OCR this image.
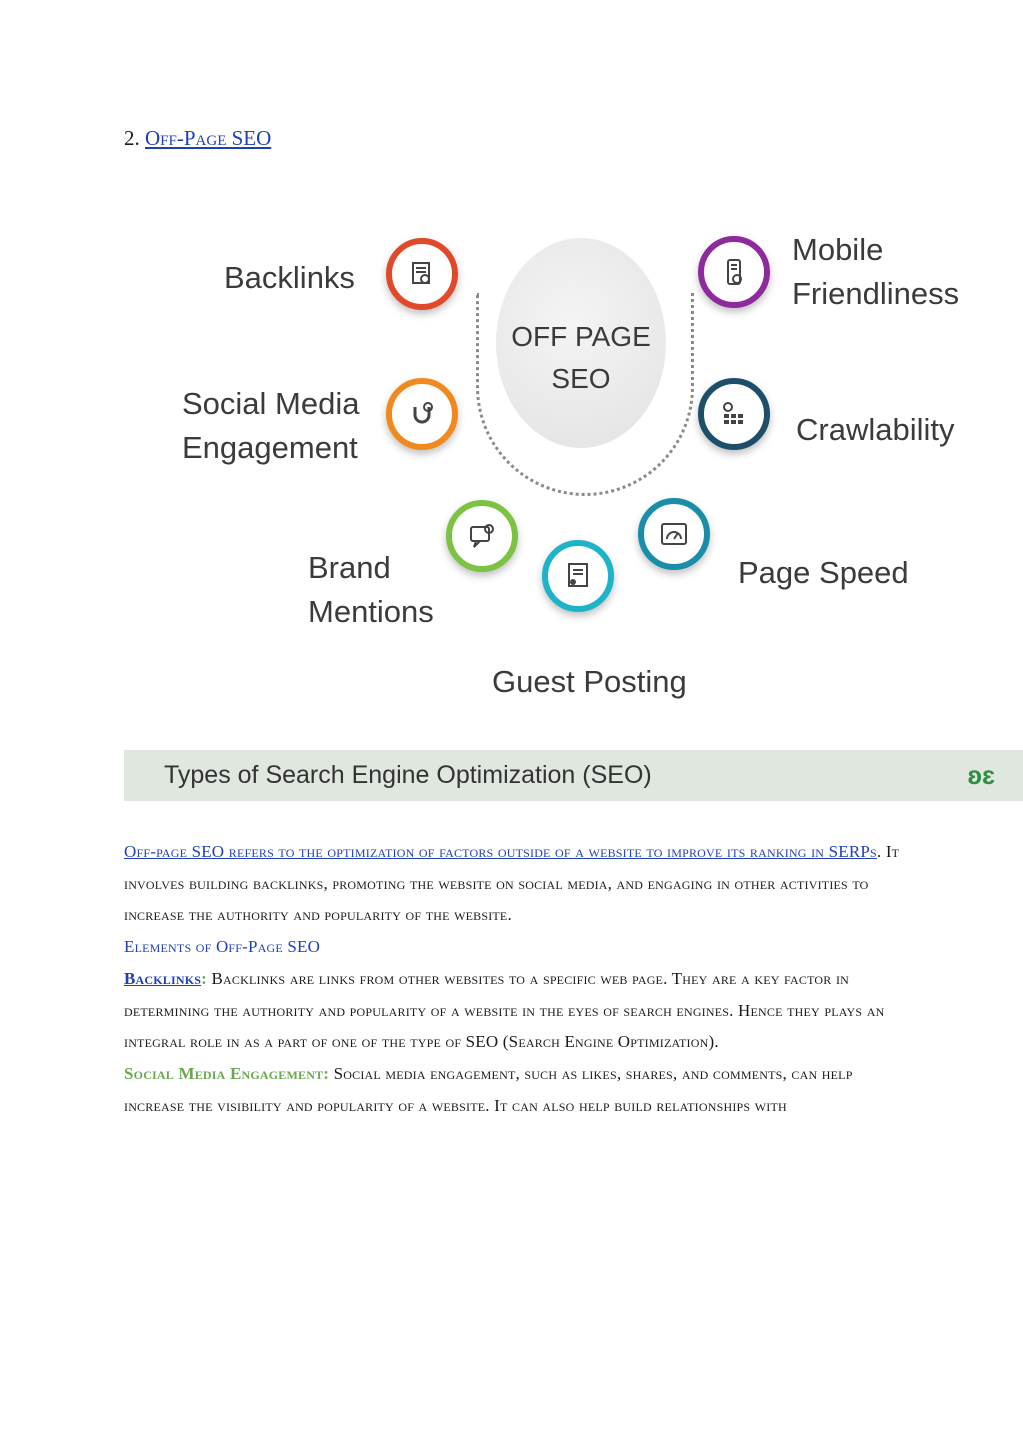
2. Off-Page SEO
OFF PAGE
SEO
Backlinks
Social Media
Engagement
Brand
Mentions
Guest Posting
Page Speed
Crawlability
Mobile
Friendliness
Types of Search Engine Optimization (SEO)	ʚɛ

Off-page SEO refers to the optimization of factors outside of a website to improve its ranking in SERPs. It involves building backlinks, promoting the website on social media, and engaging in other activities to increase the authority and popularity of the website.

Elements of Off-Page SEO

Backlinks: Backlinks are links from other websites to a specific web page. They are a key factor in determining the authority and popularity of a website in the eyes of search engines. Hence they plays an integral role in as a part of one of the type of SEO (Search Engine Optimization).

Social Media Engagement: Social media engagement, such as likes, shares, and comments, can help increase the visibility and popularity of a website. It can also help build relationships with
